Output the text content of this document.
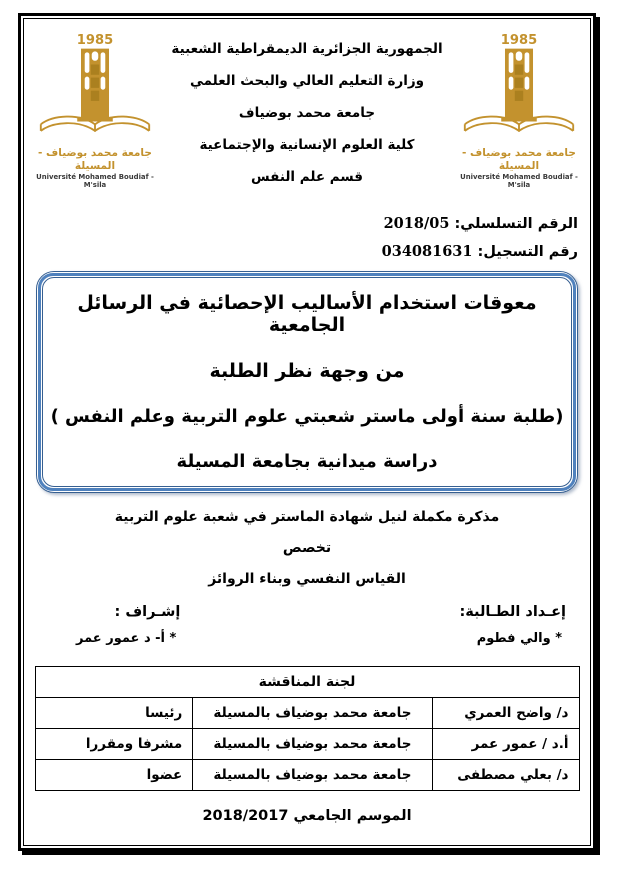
1985
جامعة محمد بوضياف - المسيلة
Université Mohamed Boudiaf - M'sila
الجمهورية الجزائرية الديمقراطية الشعبية
وزارة التعليم العالي والبحث العلمي
جامعة محمد بوضياف
كلية العلوم الإنسانية والإجتماعية
قسم علم النفس
1985
جامعة محمد بوضياف - المسيلة
Université Mohamed Boudiaf - M'sila
الرقم التسلسلي: 2018/05
رقم التسجيل: 034081631
معوقات استخدام الأساليب الإحصائية في الرسائل الجامعية
من وجهة نظر الطلبة
(طلبة سنة أولى ماستر شعبتي علوم التربية وعلم النفس )
دراسة ميدانية بجامعة المسيلة
مذكرة مكملة لنيل شهادة الماستر في شعبة علوم التربية
تخصص
القياس النفسي وبناء الروائز
إعـداد الطـالبة:
* والي فطوم
إشـراف :
* أ- د عمور عمر
لجنة المناقشة		
د/ واضح العمري	جامعة محمد بوضياف بالمسيلة	رئيسا
أ.د / عمور عمر	جامعة محمد بوضياف بالمسيلة	مشرفا ومقررا
د/ بعلي مصطفى	جامعة محمد بوضياف بالمسيلة	عضوا
الموسم الجامعي 2018/2017
